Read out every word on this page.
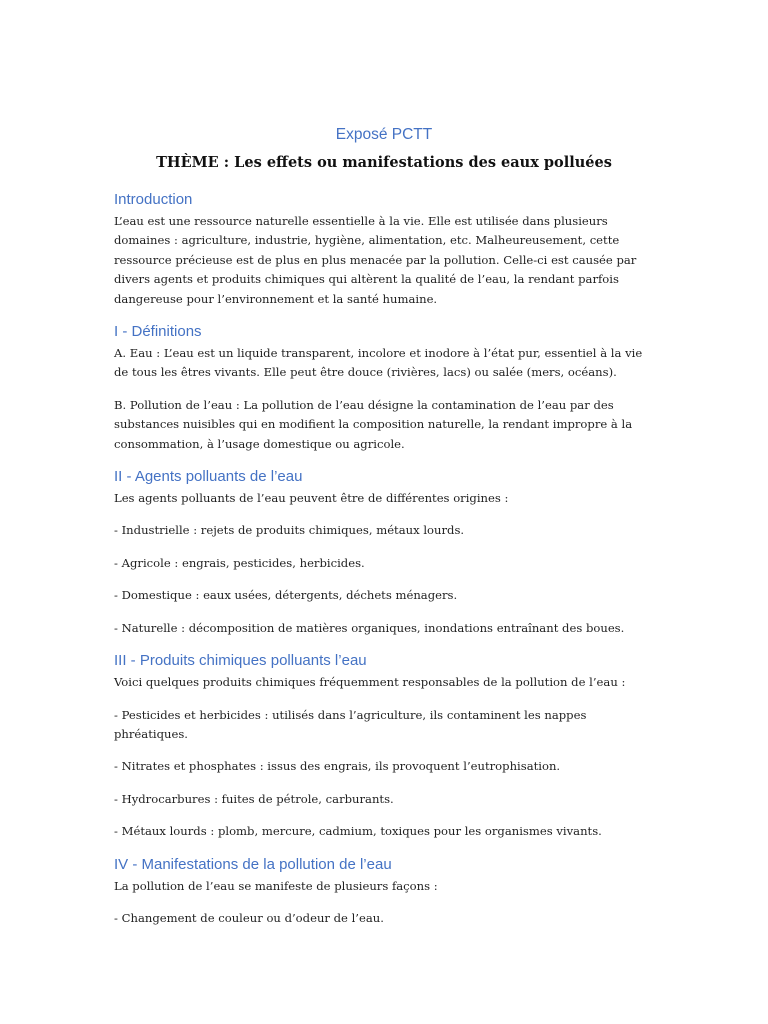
Exposé PCTT
THÈME : Les effets ou manifestations des eaux polluées
Introduction

L’eau est une ressource naturelle essentielle à la vie. Elle est utilisée dans plusieurs domaines : agriculture, industrie, hygiène, alimentation, etc. Malheureusement, cette ressource précieuse est de plus en plus menacée par la pollution. Celle-ci est causée par divers agents et produits chimiques qui altèrent la qualité de l’eau, la rendant parfois dangereuse pour l’environnement et la santé humaine.

I - Définitions

A. Eau : L’eau est un liquide transparent, incolore et inodore à l’état pur, essentiel à la vie de tous les êtres vivants. Elle peut être douce (rivières, lacs) ou salée (mers, océans).

B. Pollution de l’eau : La pollution de l’eau désigne la contamination de l’eau par des substances nuisibles qui en modifient la composition naturelle, la rendant impropre à la consommation, à l’usage domestique ou agricole.

II - Agents polluants de l’eau

Les agents polluants de l’eau peuvent être de différentes origines :

- Industrielle : rejets de produits chimiques, métaux lourds.

- Agricole : engrais, pesticides, herbicides.

- Domestique : eaux usées, détergents, déchets ménagers.

- Naturelle : décomposition de matières organiques, inondations entraînant des boues.

III - Produits chimiques polluants l’eau

Voici quelques produits chimiques fréquemment responsables de la pollution de l’eau :

- Pesticides et herbicides : utilisés dans l’agriculture, ils contaminent les nappes phréatiques.

- Nitrates et phosphates : issus des engrais, ils provoquent l’eutrophisation.

- Hydrocarbures : fuites de pétrole, carburants.

- Métaux lourds : plomb, mercure, cadmium, toxiques pour les organismes vivants.

IV - Manifestations de la pollution de l’eau

La pollution de l’eau se manifeste de plusieurs façons :

- Changement de couleur ou d’odeur de l’eau.
